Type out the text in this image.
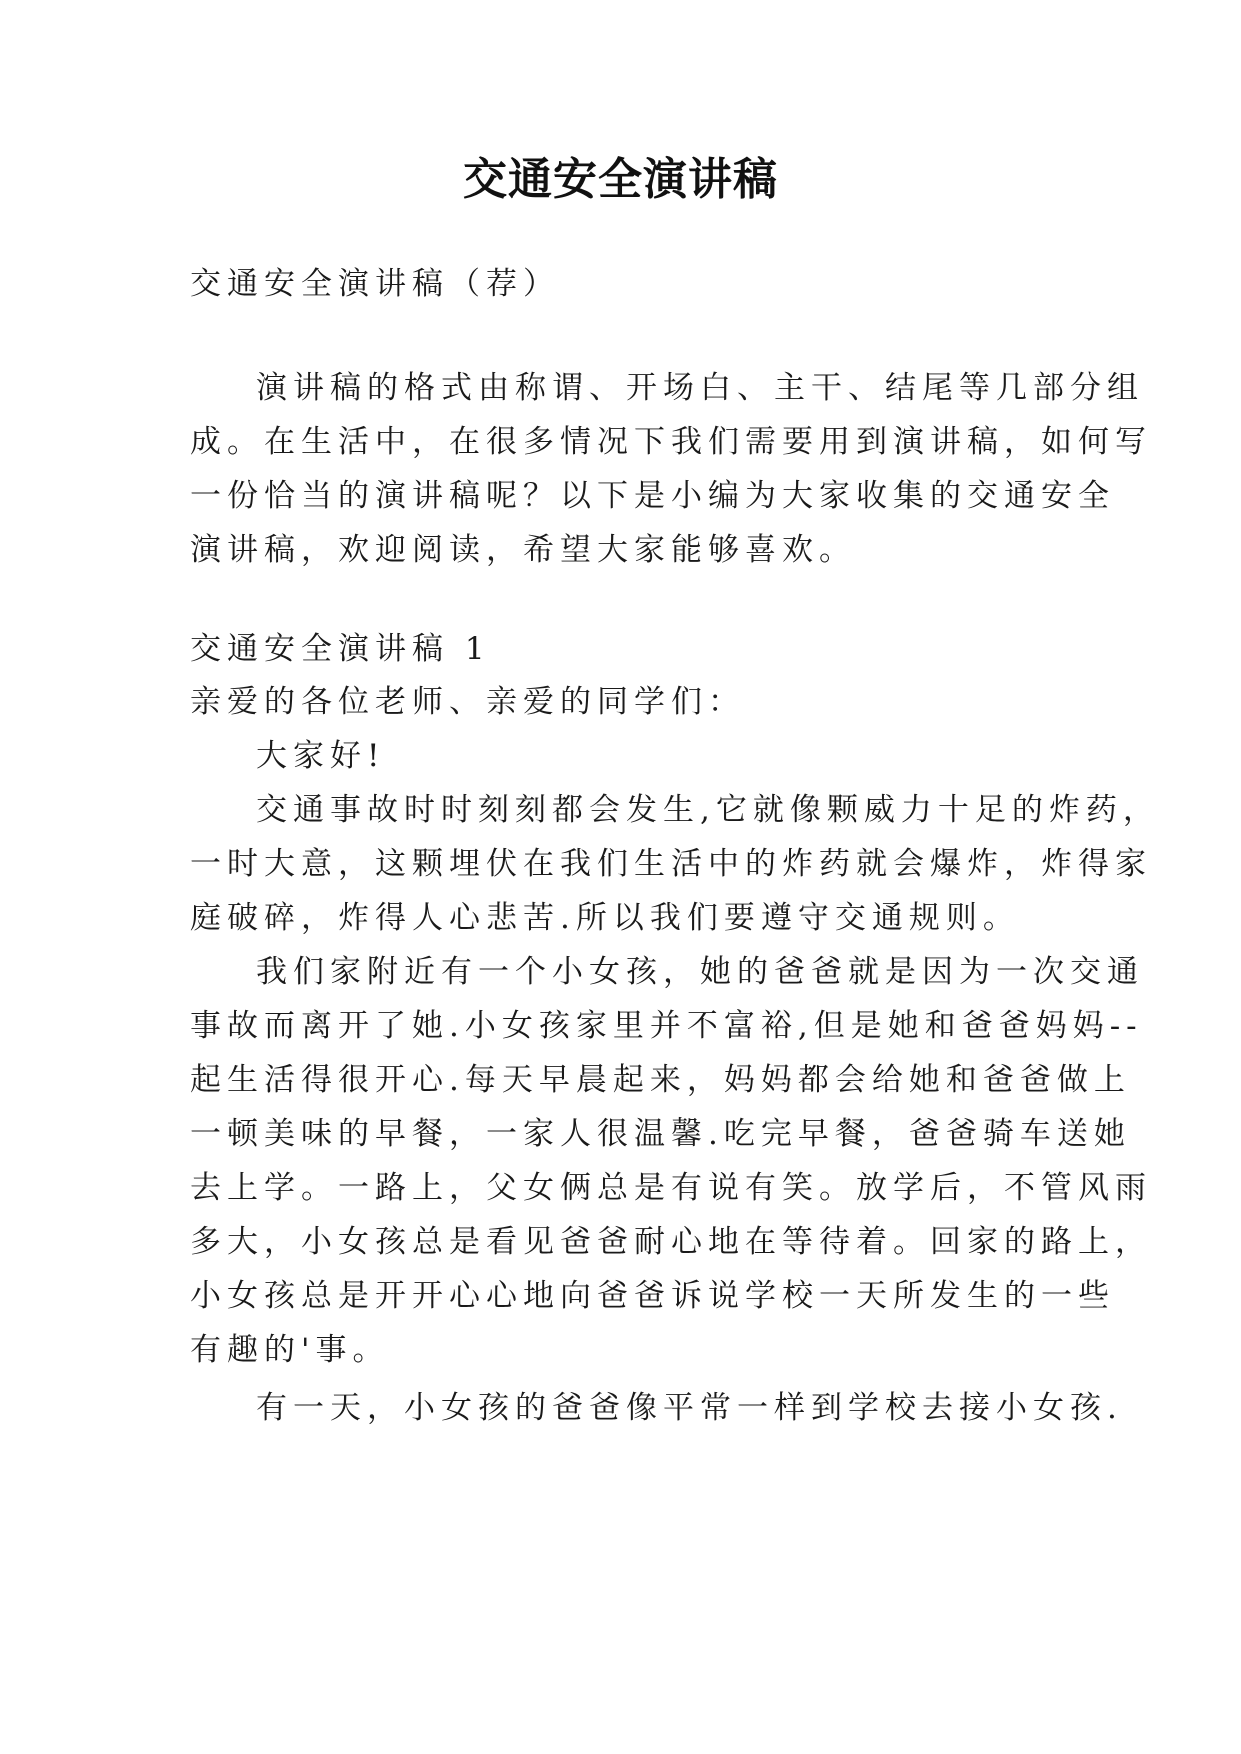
交通安全演讲稿
交通安全演讲稿（荐）
演讲稿的格式由称谓、开场白、主干、结尾等几部分组
成。在生活中，在很多情况下我们需要用到演讲稿，如何写
一份恰当的演讲稿呢？以下是小编为大家收集的交通安全
演讲稿，欢迎阅读，希望大家能够喜欢。
交通安全演讲稿 1
亲爱的各位老师、亲爱的同学们：
大家好!
交通事故时时刻刻都会发生,它就像颗威力十足的炸药，
一时大意，这颗埋伏在我们生活中的炸药就会爆炸，炸得家
庭破碎，炸得人心悲苦.所以我们要遵守交通规则。
我们家附近有一个小女孩，她的爸爸就是因为一次交通
事故而离开了她.小女孩家里并不富裕,但是她和爸爸妈妈--
起生活得很开心.每天早晨起来，妈妈都会给她和爸爸做上
一顿美味的早餐，一家人很温馨.吃完早餐，爸爸骑车送她
去上学。一路上，父女俩总是有说有笑。放学后，不管风雨
多大，小女孩总是看见爸爸耐心地在等待着。回家的路上，
小女孩总是开开心心地向爸爸诉说学校一天所发生的一些
有趣的'事。
有一天，小女孩的爸爸像平常一样到学校去接小女孩.
